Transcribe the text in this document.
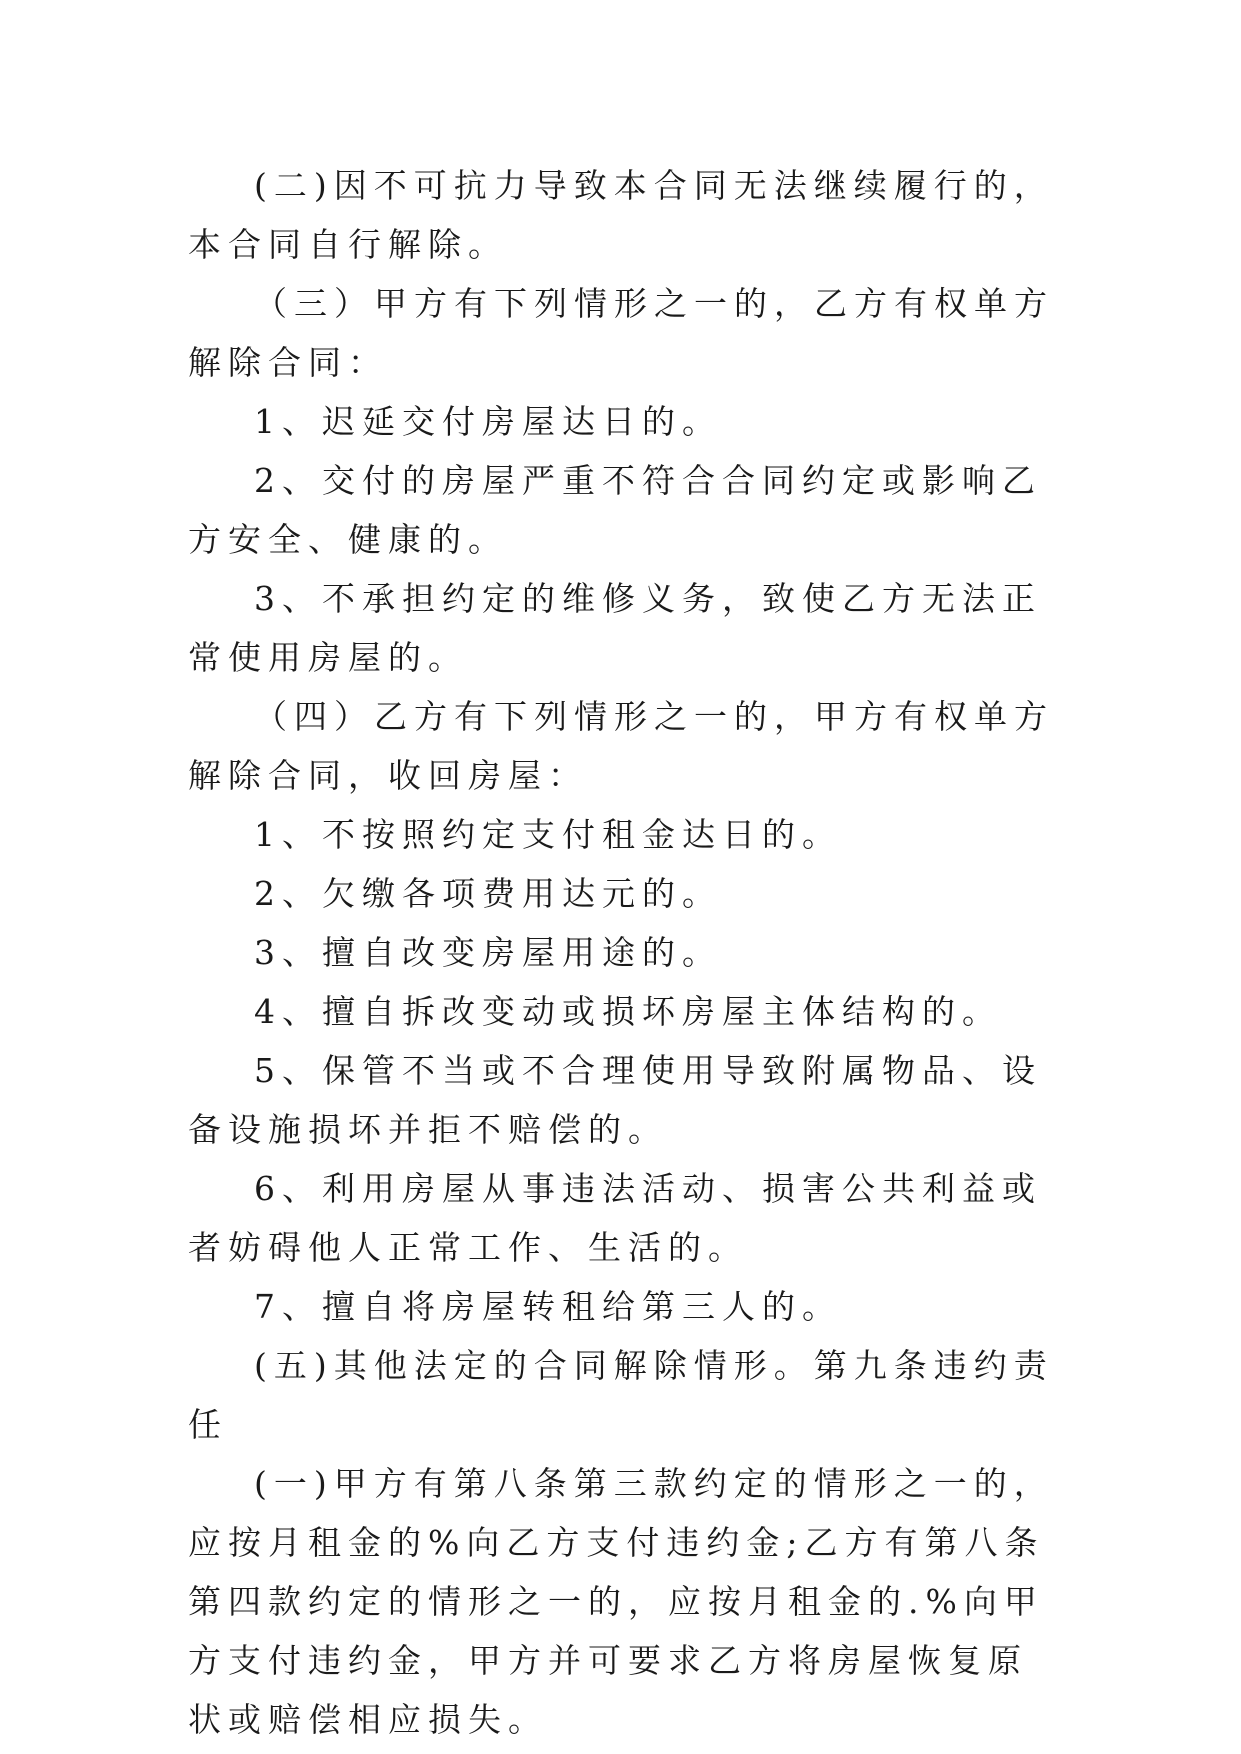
(二)因不可抗力导致本合同无法继续履行的，本合同自行解除。

（三）甲方有下列情形之一的，乙方有权单方解除合同：

1、迟延交付房屋达日的。

2、交付的房屋严重不符合合同约定或影响乙方安全、健康的。

3、不承担约定的维修义务，致使乙方无法正常使用房屋的。

（四）乙方有下列情形之一的，甲方有权单方解除合同，收回房屋：

1、不按照约定支付租金达日的。

2、欠缴各项费用达元的。

3、擅自改变房屋用途的。

4、擅自拆改变动或损坏房屋主体结构的。

5、保管不当或不合理使用导致附属物品、设备设施损坏并拒不赔偿的。

6、利用房屋从事违法活动、损害公共利益或者妨碍他人正常工作、生活的。

7、擅自将房屋转租给第三人的。

(五)其他法定的合同解除情形。第九条违约责任

(一)甲方有第八条第三款约定的情形之一的，应按月租金的%向乙方支付违约金;乙方有第八条第四款约定的情形之一的，应按月租金的.%向甲方支付违约金，甲方并可要求乙方将房屋恢复原状或赔偿相应损失。
